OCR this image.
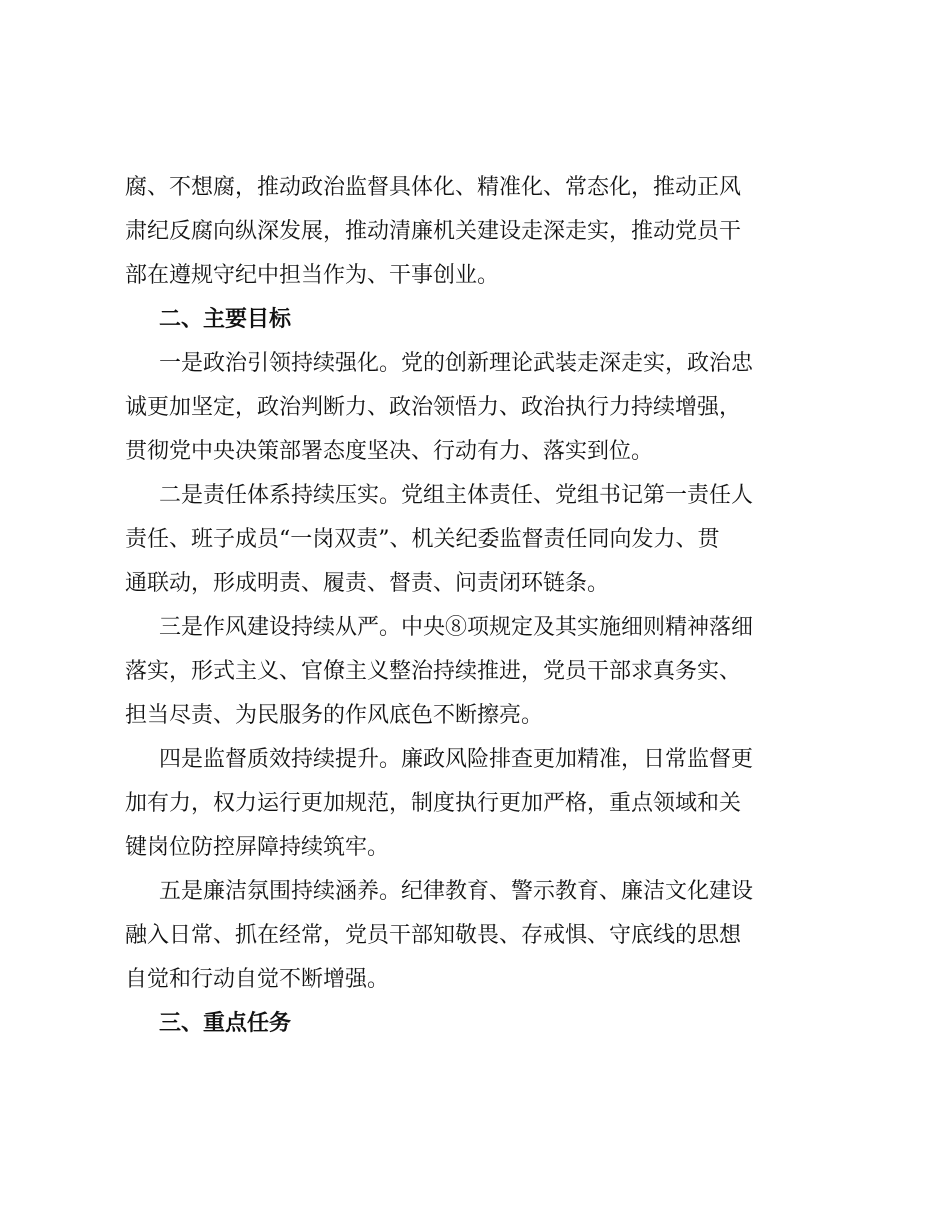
腐、不想腐，推动政治监督具体化、精准化、常态化，推动正风
肃纪反腐向纵深发展，推动清廉机关建设走深走实，推动党员干
部在遵规守纪中担当作为、干事创业。
二、主要目标
一是政治引领持续强化。党的创新理论武装走深走实，政治忠
诚更加坚定，政治判断力、政治领悟力、政治执行力持续增强，
贯彻党中央决策部署态度坚决、行动有力、落实到位。
二是责任体系持续压实。党组主体责任、党组书记第一责任人
责任、班子成员“一岗双责”、机关纪委监督责任同向发力、贯
通联动，形成明责、履责、督责、问责闭环链条。
三是作风建设持续从严。中央⑧项规定及其实施细则精神落细
落实，形式主义、官僚主义整治持续推进，党员干部求真务实、
担当尽责、为民服务的作风底色不断擦亮。
四是监督质效持续提升。廉政风险排查更加精准，日常监督更
加有力，权力运行更加规范，制度执行更加严格，重点领域和关
键岗位防控屏障持续筑牢。
五是廉洁氛围持续涵养。纪律教育、警示教育、廉洁文化建设
融入日常、抓在经常，党员干部知敬畏、存戒惧、守底线的思想
自觉和行动自觉不断增强。
三、重点任务
